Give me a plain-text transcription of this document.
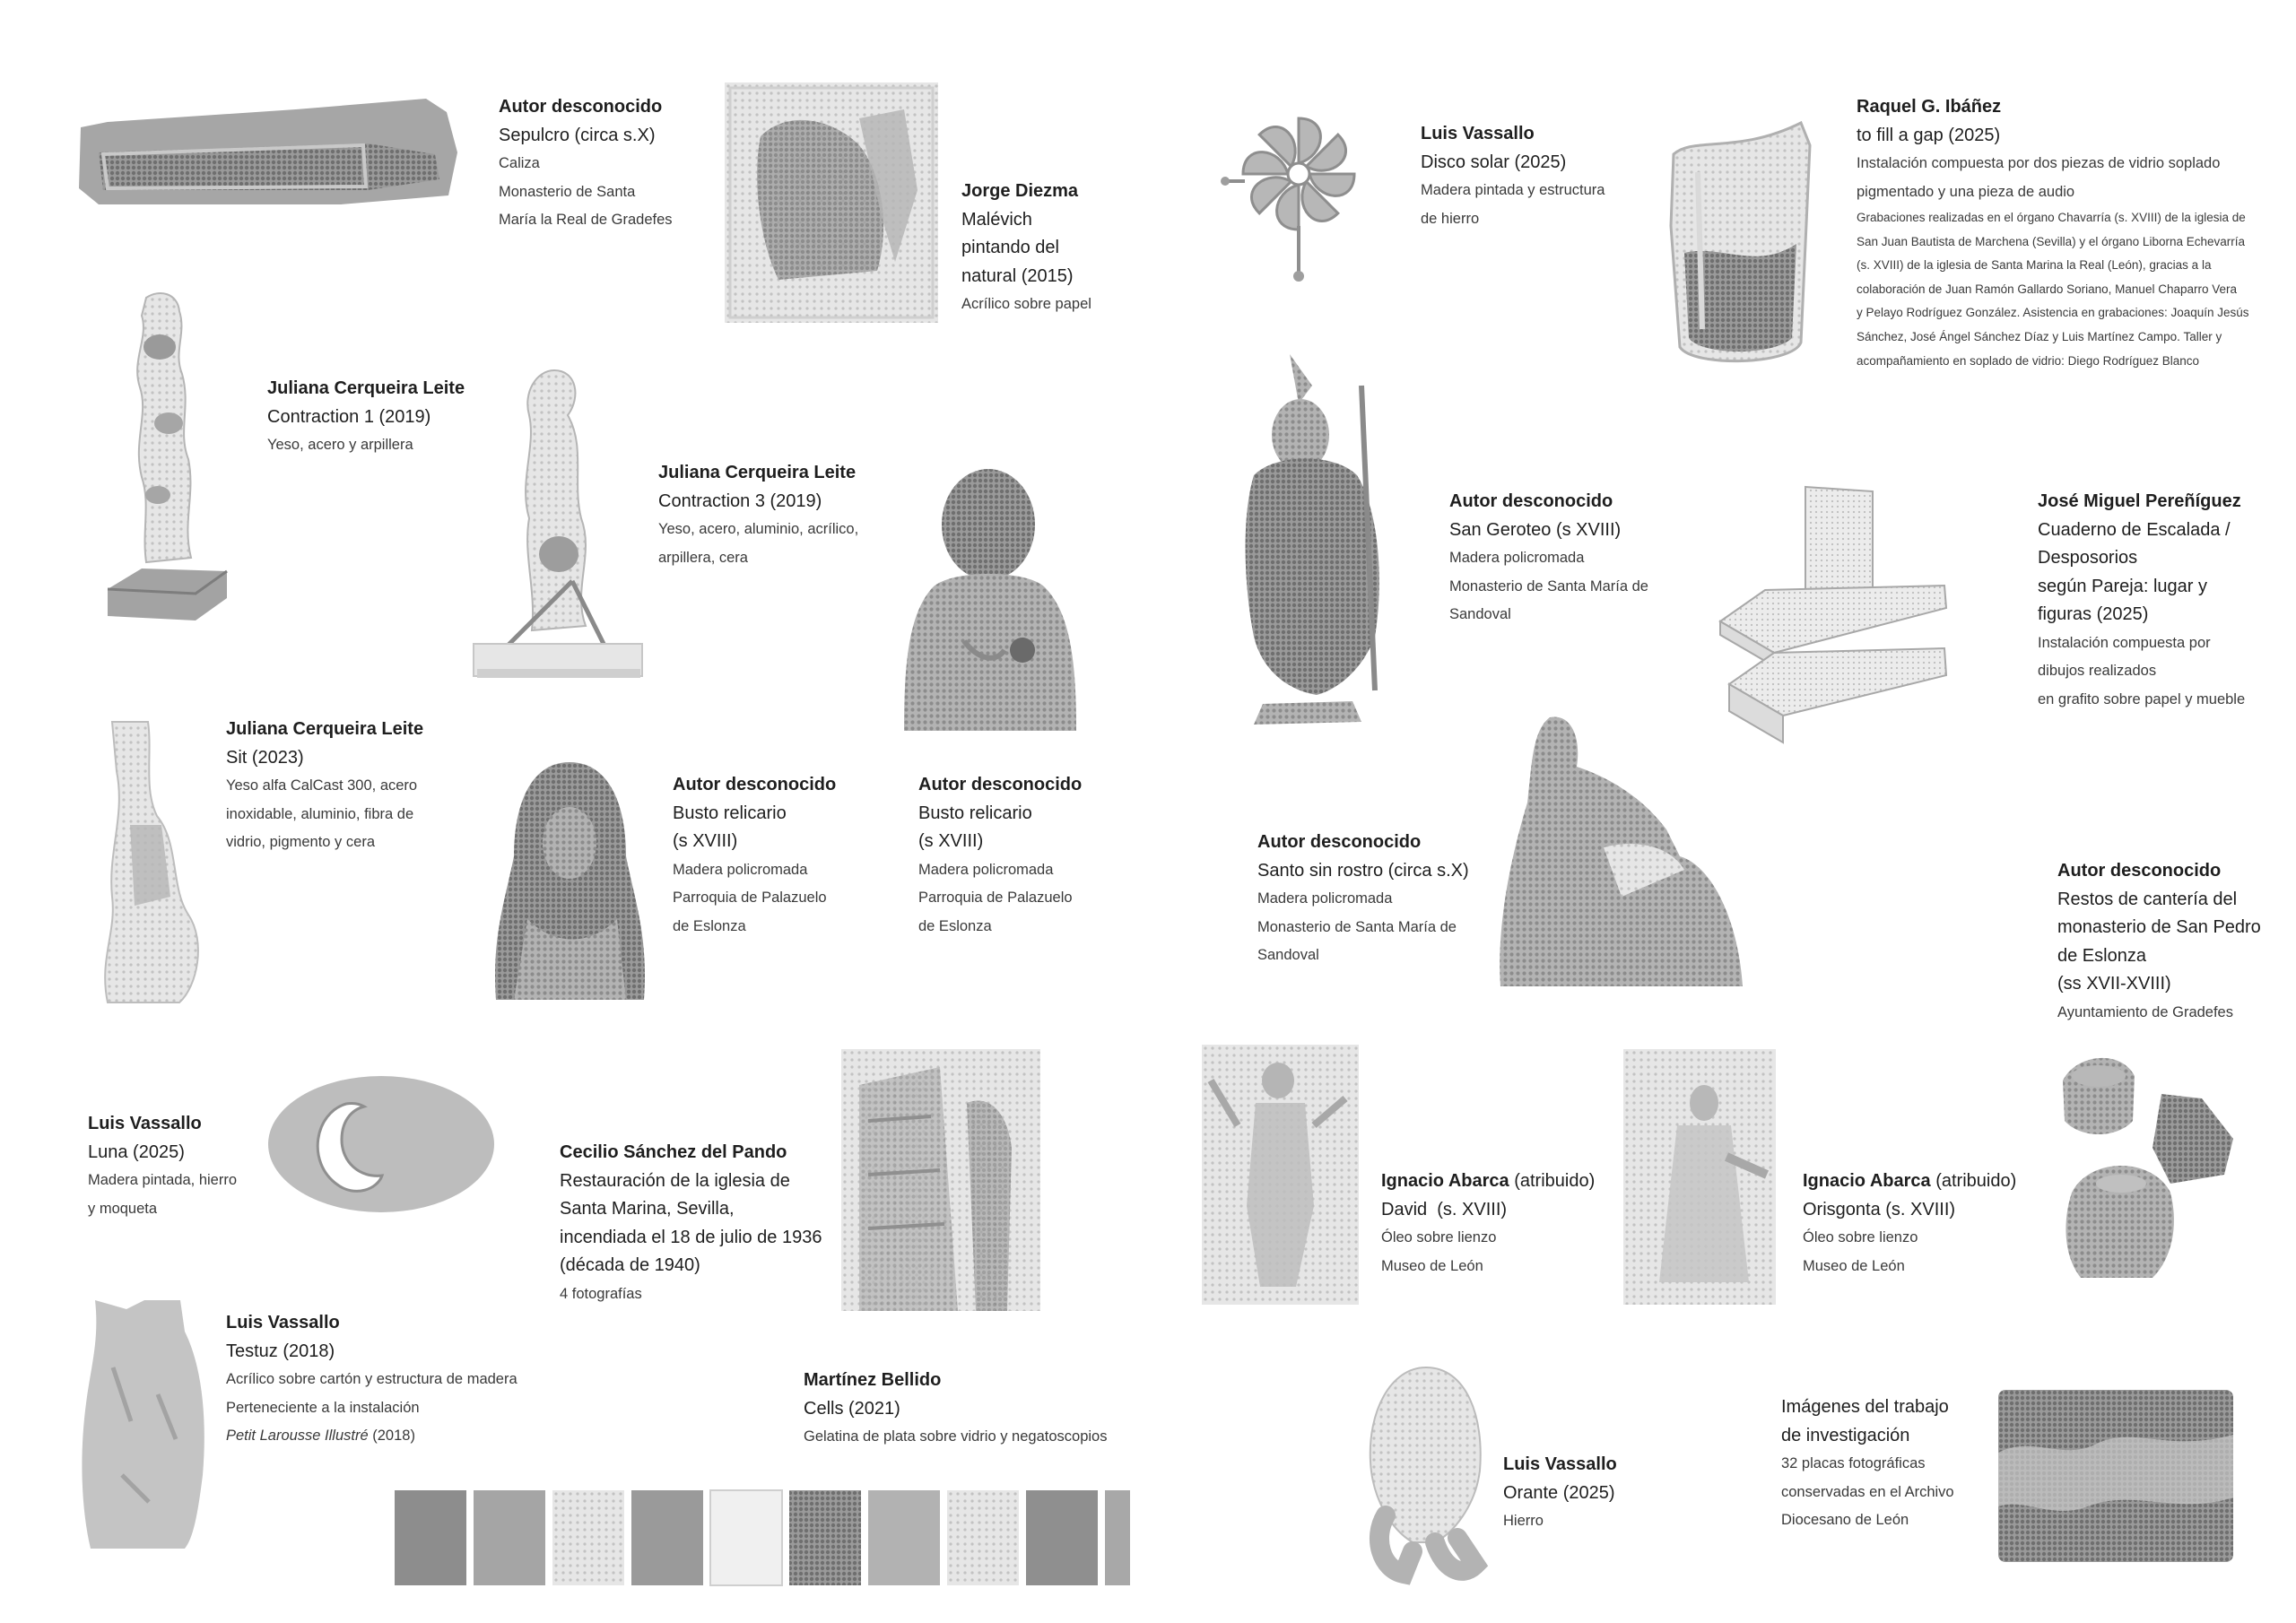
Autor desconocido
Sepulcro (circa s.X)
Caliza
Monasterio de Santa
María la Real de Gradefes
Jorge Diezma
Malévich
pintando del
natural (2015)
Acrílico sobre papel
Luis Vassallo
Disco solar (2025)
Madera pintada y estructura
de hierro
Raquel G. Ibáñez
to fill a gap (2025)
Instalación compuesta por dos piezas de vidrio soplado
pigmentado y una pieza de audio
Grabaciones realizadas en el órgano Chavarría (s. XVIII) de la iglesia de
San Juan Bautista de Marchena (Sevilla) y el órgano Liborna Echevarría
(s. XVIII) de la iglesia de Santa Marina la Real (León), gracias a la
colaboración de Juan Ramón Gallardo Soriano, Manuel Chaparro Vera
y Pelayo Rodríguez González. Asistencia en grabaciones: Joaquín Jesús
Sánchez, José Ángel Sánchez Díaz y Luis Martínez Campo. Taller y
acompañamiento en soplado de vidrio: Diego Rodríguez Blanco
Juliana Cerqueira Leite
Contraction 1 (2019)
Yeso, acero y arpillera
Juliana Cerqueira Leite
Contraction 3 (2019)
Yeso, acero, aluminio, acrílico,
arpillera, cera
Autor desconocido
San Geroteo (s XVIII)
Madera policromada
Monasterio de Santa María de
Sandoval
José Miguel Pereñíguez
Cuaderno de Escalada /
Desposorios
según Pareja: lugar y
figuras (2025)
Instalación compuesta por
dibujos realizados
en grafito sobre papel y mueble
Juliana Cerqueira Leite
Sit (2023)
Yeso alfa CalCast 300, acero
inoxidable, aluminio, fibra de
vidrio, pigmento y cera
Autor desconocido
Busto relicario
(s XVIII)
Madera policromada
Parroquia de Palazuelo
de Eslonza
Autor desconocido
Busto relicario
(s XVIII)
Madera policromada
Parroquia de Palazuelo
de Eslonza
Autor desconocido
Santo sin rostro (circa s.X)
Madera policromada
Monasterio de Santa María de
Sandoval
Autor desconocido
Restos de cantería del
monasterio de San Pedro
de Eslonza
(ss XVII-XVIII)
Ayuntamiento de Gradefes
Luis Vassallo
Luna (2025)
Madera pintada, hierro
y moqueta
Cecilio Sánchez del Pando
Restauración de la iglesia de
Santa Marina, Sevilla,
incendiada el 18 de julio de 1936
(década de 1940)
4 fotografías
Ignacio Abarca (atribuido)
David  (s. XVIII)
Óleo sobre lienzo
Museo de León
Ignacio Abarca (atribuido)
Orisgonta (s. XVIII)
Óleo sobre lienzo
Museo de León
Luis Vassallo
Testuz (2018)
Acrílico sobre cartón y estructura de madera
Perteneciente a la instalación
Petit Larousse Illustré (2018)
Martínez Bellido
Cells (2021)
Gelatina de plata sobre vidrio y negatoscopios
Luis Vassallo
Orante (2025)
Hierro
Imágenes del trabajo
de investigación
32 placas fotográficas
conservadas en el Archivo
Diocesano de León
